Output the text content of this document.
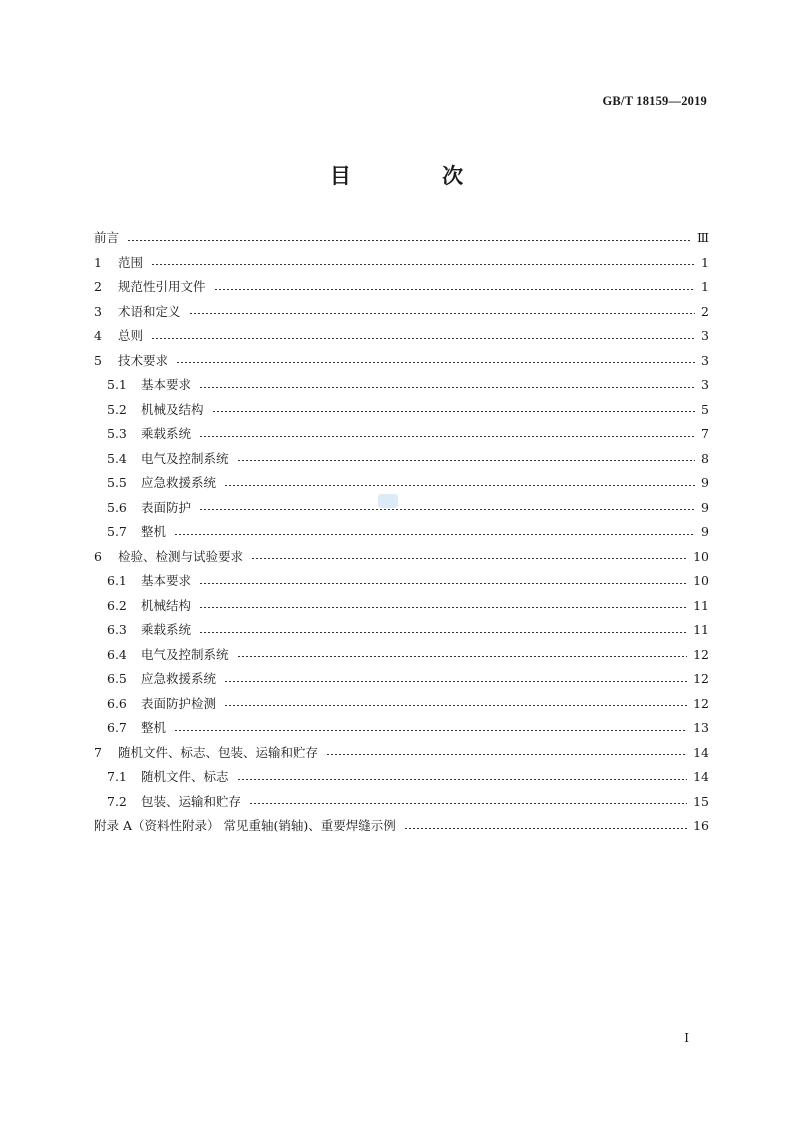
GB/T 18159—2019
目 次
前言	Ⅲ
1	范围	1
2	规范性引用文件	1
3	术语和定义	2
4	总则	3
5	技术要求	3
5.1	基本要求	3
5.2	机械及结构	5
5.3	乘载系统	7
5.4	电气及控制系统	8
5.5	应急救援系统	9
5.6	表面防护	9
5.7	整机	9
6	检验、检测与试验要求	10
6.1	基本要求	10
6.2	机械结构	11
6.3	乘载系统	11
6.4	电气及控制系统	12
6.5	应急救援系统	12
6.6	表面防护检测	12
6.7	整机	13
7	随机文件、标志、包装、运输和贮存	14
7.1	随机文件、标志	14
7.2	包装、运输和贮存	15
附录 A（资料性附录） 常见重轴(销轴)、重要焊缝示例	16
I
